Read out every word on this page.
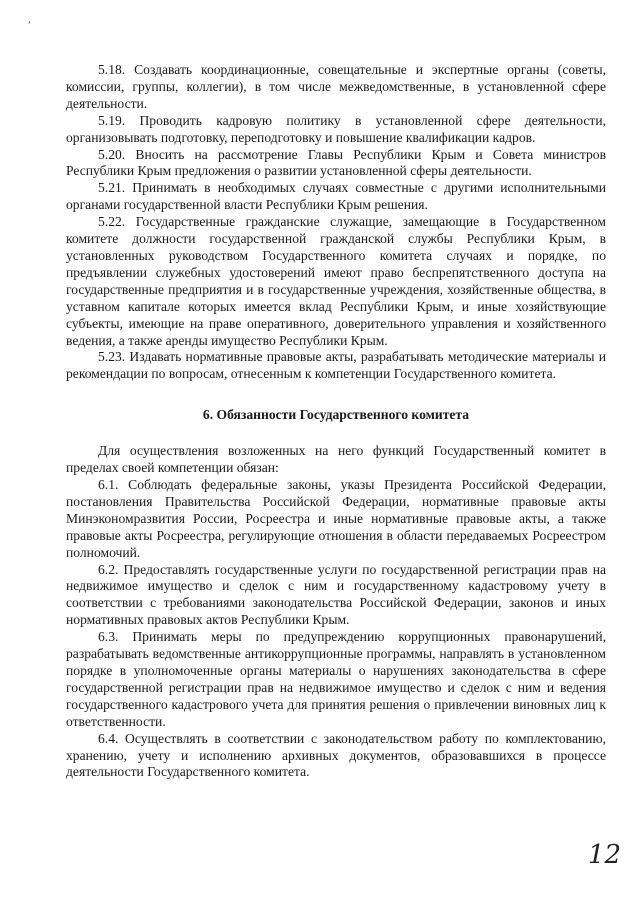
‘

5.18. Создавать координационные, совещательные и экспертные органы (советы, комиссии, группы, коллегии), в том числе межведомственные, в установленной сфере деятельности.

5.19. Проводить кадровую политику в установленной сфере деятельности, организовывать подготовку, переподготовку и повышение квалификации кадров.

5.20. Вносить на рассмотрение Главы Республики Крым и Совета министров Республики Крым предложения о развитии установленной сферы деятельности.

5.21. Принимать в необходимых случаях совместные с другими исполнительными органами государственной власти Республики Крым решения.

5.22. Государственные гражданские служащие, замещающие в Государственном комитете должности государственной гражданской службы Республики Крым, в установленных руководством Государственного комитета случаях и порядке, по предъявлении служебных удостоверений имеют право беспрепятственного доступа на государственные предприятия и в государственные учреждения, хозяйственные общества, в уставном капитале которых имеется вклад Республики Крым, и иные хозяйствующие субъекты, имеющие на праве оперативного, доверительного управления и хозяйственного ведения, а также аренды имущество Республики Крым.

5.23. Издавать нормативные правовые акты, разрабатывать методические материалы и рекомендации по вопросам, отнесенным к компетенции Государственного комитета.

6. Обязанности Государственного комитета

Для осуществления возложенных на него функций Государственный комитет в пределах своей компетенции обязан:

6.1. Соблюдать федеральные законы, указы Президента Российской Федерации, постановления Правительства Российской Федерации, нормативные правовые акты Минэкономразвития России, Росреестра и иные нормативные правовые акты, а также правовые акты Росреестра, регулирующие отношения в области передаваемых Росреестром полномочий.

6.2. Предоставлять государственные услуги по государственной регистрации прав на недвижимое имущество и сделок с ним и государственному кадастровому учету в соответствии с требованиями законодательства Российской Федерации, законов и иных нормативных правовых актов Республики Крым.

6.3. Принимать меры по предупреждению коррупционных правонарушений, разрабатывать ведомственные антикоррупционные программы, направлять в установленном порядке в уполномоченные органы материалы о нарушениях законодательства в сфере государственной регистрации прав на недвижимое имущество и сделок с ним и ведения государственного кадастрового учета для принятия решения о привлечении виновных лиц к ответственности.

6.4. Осуществлять в соответствии с законодательством работу по комплектованию, хранению, учету и исполнению архивных документов, образовавшихся в процессе деятельности Государственного комитета.

12
